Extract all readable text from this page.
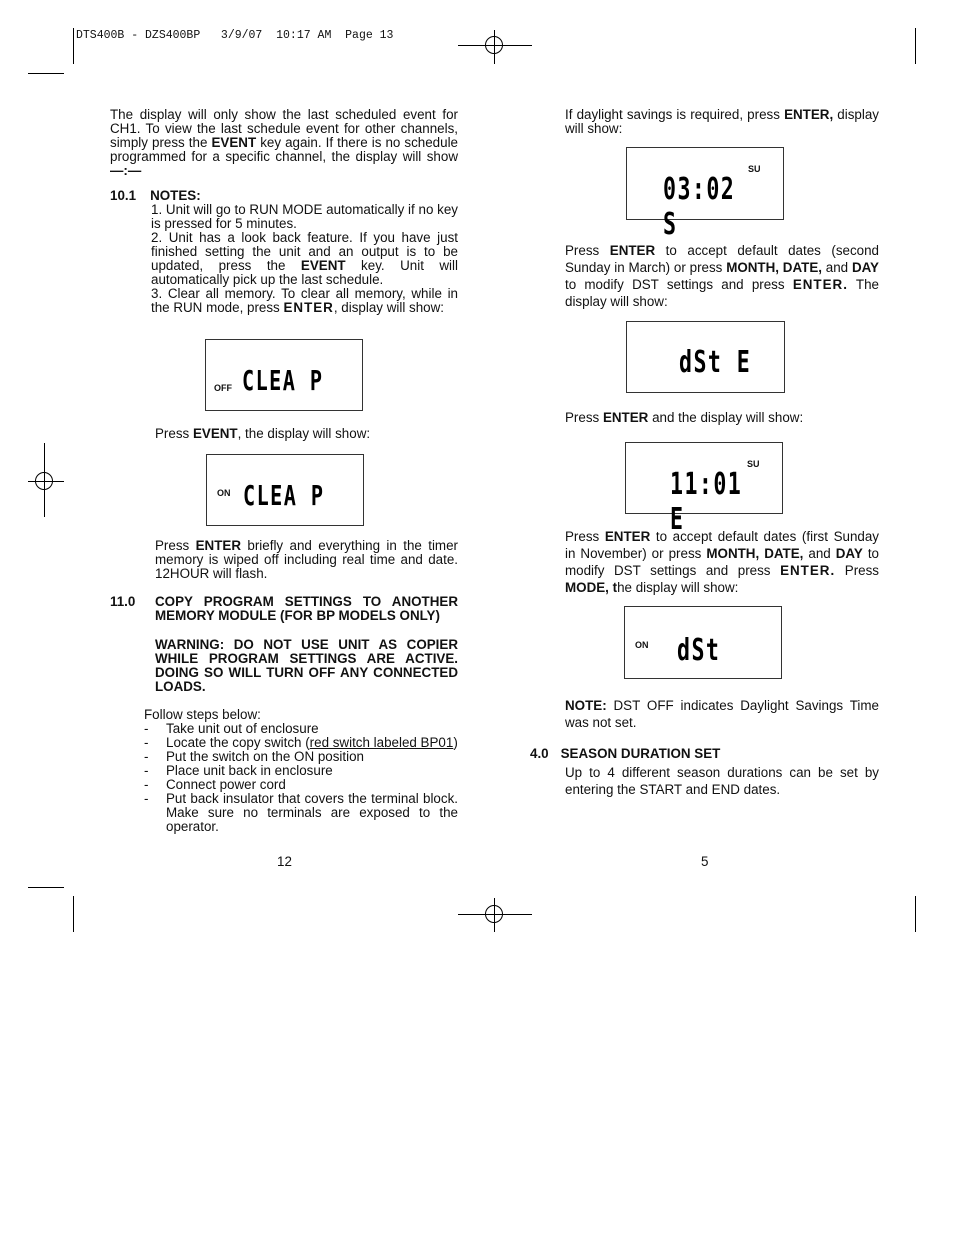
DTS400B - DZS400BP   3/9/07  10:17 AM  Page 13
The display will only show the last scheduled event for CH1. To view the last schedule event for other channels, simply press the EVENT key again. If there is no schedule programmed for a specific channel, the display will show —:—
10.1 NOTES:
1. Unit will go to RUN MODE automatically if no key is pressed for 5 minutes.
2. Unit has a look back feature. If you have just finished setting the unit and an output is to be updated, press the EVENT key. Unit will automatically pick up the last schedule.
3. Clear all memory. To clear all memory, while in the RUN mode, press ENTER, display will show:
OFF CLEA P
Press EVENT, the display will show:
ON CLEA P
Press ENTER briefly and everything in the timer memory is wiped off including real time and date. 12HOUR will flash.
11.0 COPY PROGRAM SETTINGS TO ANOTHER MEMORY MODULE (FOR BP MODELS ONLY)
WARNING: DO NOT USE UNIT AS COPIER WHILE PROGRAM SETTINGS ARE ACTIVE. DOING SO WILL TURN OFF ANY CONNECTED LOADS.
Follow steps below:
- Take unit out of enclosure
- Locate the copy switch (red switch labeled BP01)
- Put the switch on the ON position
- Place unit back in enclosure
- Connect power cord
- Put back insulator that covers the terminal block. Make sure no terminals are exposed to the operator.
12
If daylight savings is required, press ENTER, display will show:
SU
03:02 S
Press ENTER to accept default dates (second Sunday in March) or press MONTH, DATE, and DAY to modify DST settings and press ENTER. The display will show:
dSt E
Press ENTER and the display will show:
SU
11:01 E
Press ENTER to accept default dates (first Sunday in November) or press MONTH, DATE, and DAY to modify DST settings and press ENTER. Press MODE, the display will show:
ON dSt
NOTE: DST OFF indicates Daylight Savings Time was not set.
4.0 SEASON DURATION SET
Up to 4 different season durations can be set by entering the START and END dates.
5
